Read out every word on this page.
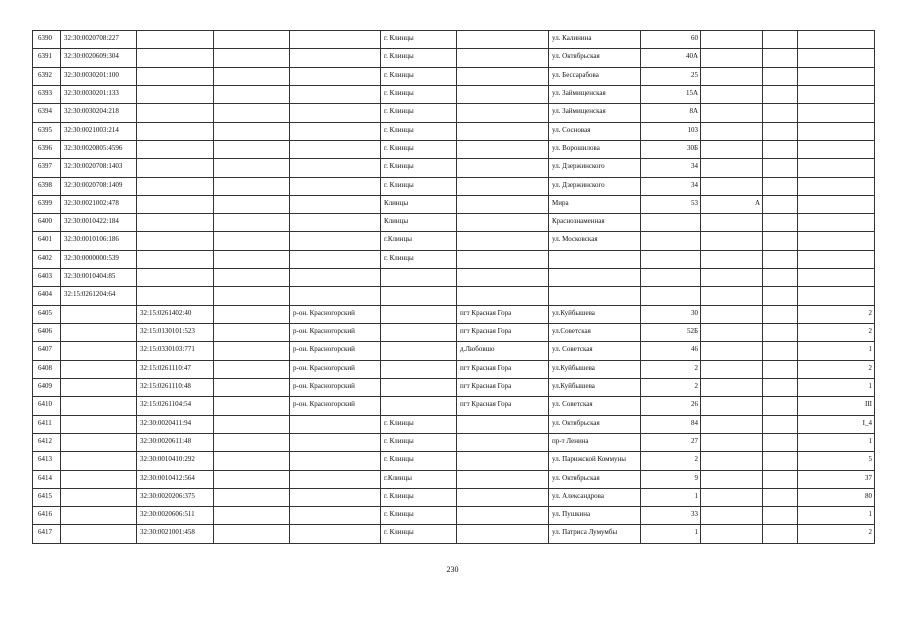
6390	32:30:0020708:227				г. Клинцы		ул. Калинина	60			
6391	32:30:0020609:304				г. Клинцы		ул. Октябрьская	40А			
6392	32:30:0030201:100				г. Клинцы		ул. Бессарабова	25			
6393	32:30:0030201:133				г. Клинцы		ул. Займищенская	15А			
6394	32:30:0030204:218				г. Клинцы		ул. Займищенская	8А			
6395	32:30:0021003:214				г. Клинцы		ул. Сосновая	103			
6396	32:30:0020805:4596				г. Клинцы		ул. Ворошилова	30Б			
6397	32:30:0020708:1403				г. Клинцы		ул. Дзержинского	34			
6398	32:30:0020708:1409				г. Клинцы		ул. Дзержинского	34			
6399	32:30:0021002:478				Клинцы		Мира	53	А		
6400	32:30:0010422:184				Клинцы		Краснознаменная				
6401	32:30:0010106:186				г.Клинцы		ул. Московская				
6402	32:30:0000000:539				г. Клинцы						
6403	32:30:0010404:85										
6404	32:15:0261204:64										
6405		32:15:0261402:40		р-он. Красногорский		пгт Красная Гора	ул.Куйбышева	30			2
6406		32:15:0130101:523		р-он. Красногорский		пгт Красная Гора	ул.Советская	52Б			2
6407		32:15:0330103:771		р-он. Красногорский		д.Любовшо	ул. Советская	46			1
6408		32:15:0261110:47		р-он. Красногорский		пгт Красная Гора	ул.Куйбышева	2			2
6409		32:15:0261110:48		р-он. Красногорский		пгт Красная Гора	ул.Куйбышева	2			1
6410		32:15:0261104:54		р-он. Красногорский		пгт Красная Гора	ул. Советская	26			III
6411		32:30:0020411:94			г. Клинцы		ул. Октябрьская	84			I_4
6412		32:30:0020611:48			г. Клинцы		пр-т Ленина	27			1
6413		32:30:0010410:292			г. Клинцы		ул. Парижской Коммуны	2			5
6414		32:30:0010412:564			г.Клинцы		ул. Октябрьская	9			37
6415		32:30:0020206:375			г. Клинцы		ул. Александрова	1			80
6416		32:30:0020606:511			г. Клинцы		ул. Пушкина	33			1
6417		32:30:0021001:458			г. Клинцы		ул. Патриса Лумумбы	1			2
230
